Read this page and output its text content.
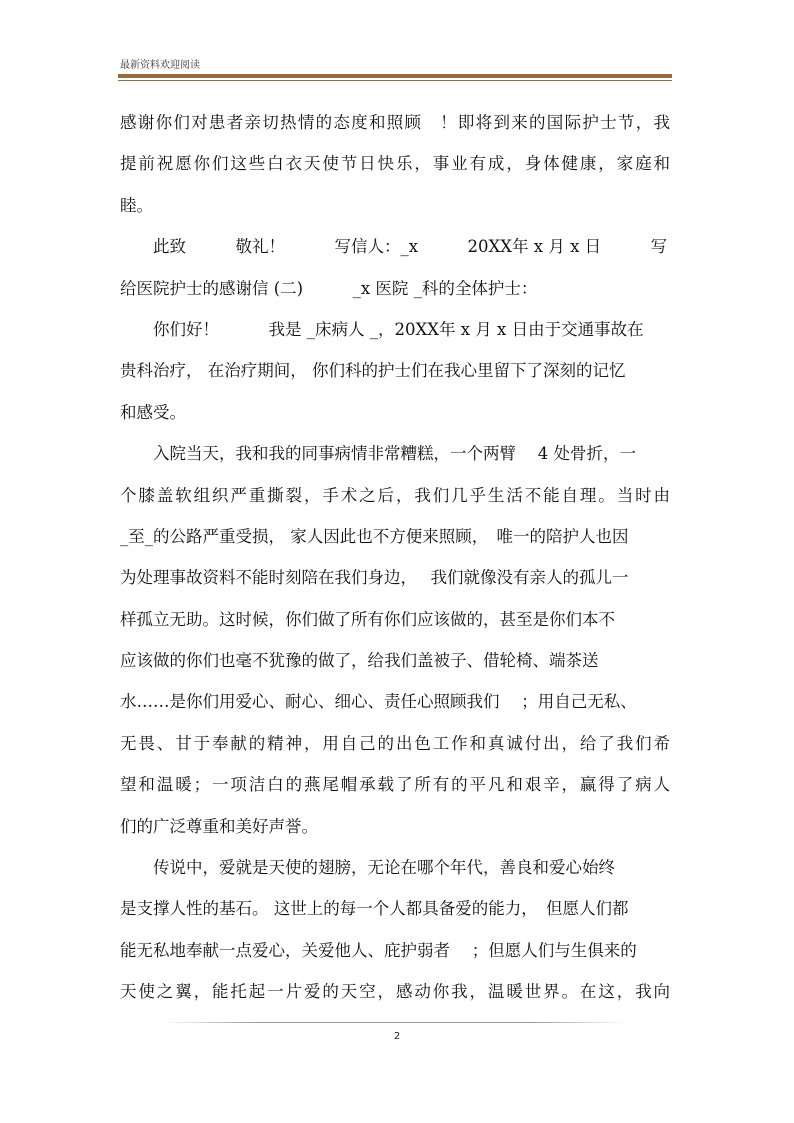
最新资料欢迎阅读
感谢你们对患者亲切热情的态度和照顾　！即将到来的国际护士节，我
提前祝愿你们这些白衣天使节日快乐，事业有成，身体健康，家庭和
睦。
　　此致　　　敬礼！　　　写信人：_x　　　20XX年 x 月 x 日　　　写
给医院护士的感谢信 (二)　　　_x 医院 _科的全体护士：
　　你们好！　　　我是 _床病人 _，20XX年 x 月 x 日由于交通事故在
贵科治疗， 在治疗期间， 你们科的护士们在我心里留下了深刻的记忆
和感受。
　　入院当天，我和我的同事病情非常糟糕，一个两臂　 4 处骨折，一
个膝盖软组织严重撕裂，手术之后，我们几乎生活不能自理。当时由
_至_的公路严重受损， 家人因此也不方便来照顾，　唯一的陪护人也因
为处理事故资料不能时刻陪在我们身边，　 我们就像没有亲人的孤儿一
样孤立无助。这时候，你们做了所有你们应该做的，甚至是你们本不
应该做的你们也毫不犹豫的做了，给我们盖被子、借轮椅、端茶送
水……是你们用爱心、耐心、细心、责任心照顾我们　 ；用自己无私、
无畏、甘于奉献的精神，用自己的出色工作和真诚付出，给了我们希
望和温暖；一项洁白的燕尾帽承载了所有的平凡和艰辛，赢得了病人
们的广泛尊重和美好声誉。
　　传说中，爱就是天使的翅膀，无论在哪个年代，善良和爱心始终
是支撑人性的基石。 这世上的每一个人都具备爱的能力，　但愿人们都
能无私地奉献一点爱心，关爱他人、庇护弱者　 ；但愿人们与生俱来的
天使之翼，能托起一片爱的天空，感动你我，温暖世界。在这，我向
2
